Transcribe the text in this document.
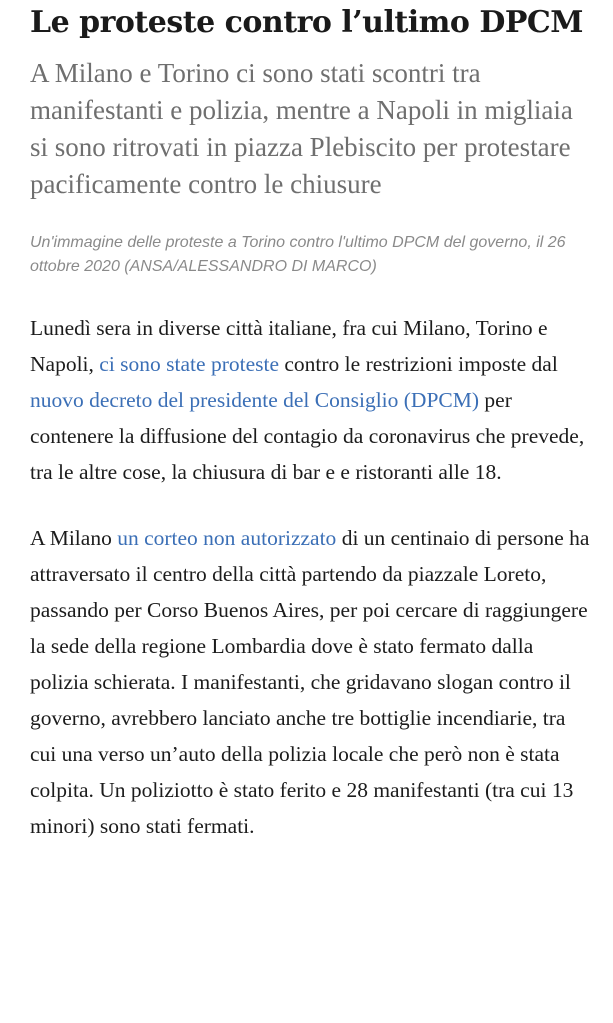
Le proteste contro l’ultimo DPCM

A Milano e Torino ci sono stati scontri tra manifestanti e polizia, mentre a Napoli in migliaia si sono ritrovati in piazza Plebiscito per protestare pacificamente contro le chiusure

Un'immagine delle proteste a Torino contro l'ultimo DPCM del governo, il 26 ottobre 2020 (ANSA/ALESSANDRO DI MARCO)

Lunedì sera in diverse città italiane, fra cui Milano, Torino e Napoli, ci sono state proteste contro le restrizioni imposte dal nuovo decreto del presidente del Consiglio (DPCM) per contenere la diffusione del contagio da coronavirus che prevede, tra le altre cose, la chiusura di bar e e ristoranti alle 18.

A Milano un corteo non autorizzato di un centinaio di persone ha attraversato il centro della città partendo da piazzale Loreto, passando per Corso Buenos Aires, per poi cercare di raggiungere la sede della regione Lombardia dove è stato fermato dalla polizia schierata. I manifestanti, che gridavano slogan contro il governo, avrebbero lanciato anche tre bottiglie incendiarie, tra cui una verso un’auto della polizia locale che però non è stata colpita. Un poliziotto è stato ferito e 28 manifestanti (tra cui 13 minori) sono stati fermati.
